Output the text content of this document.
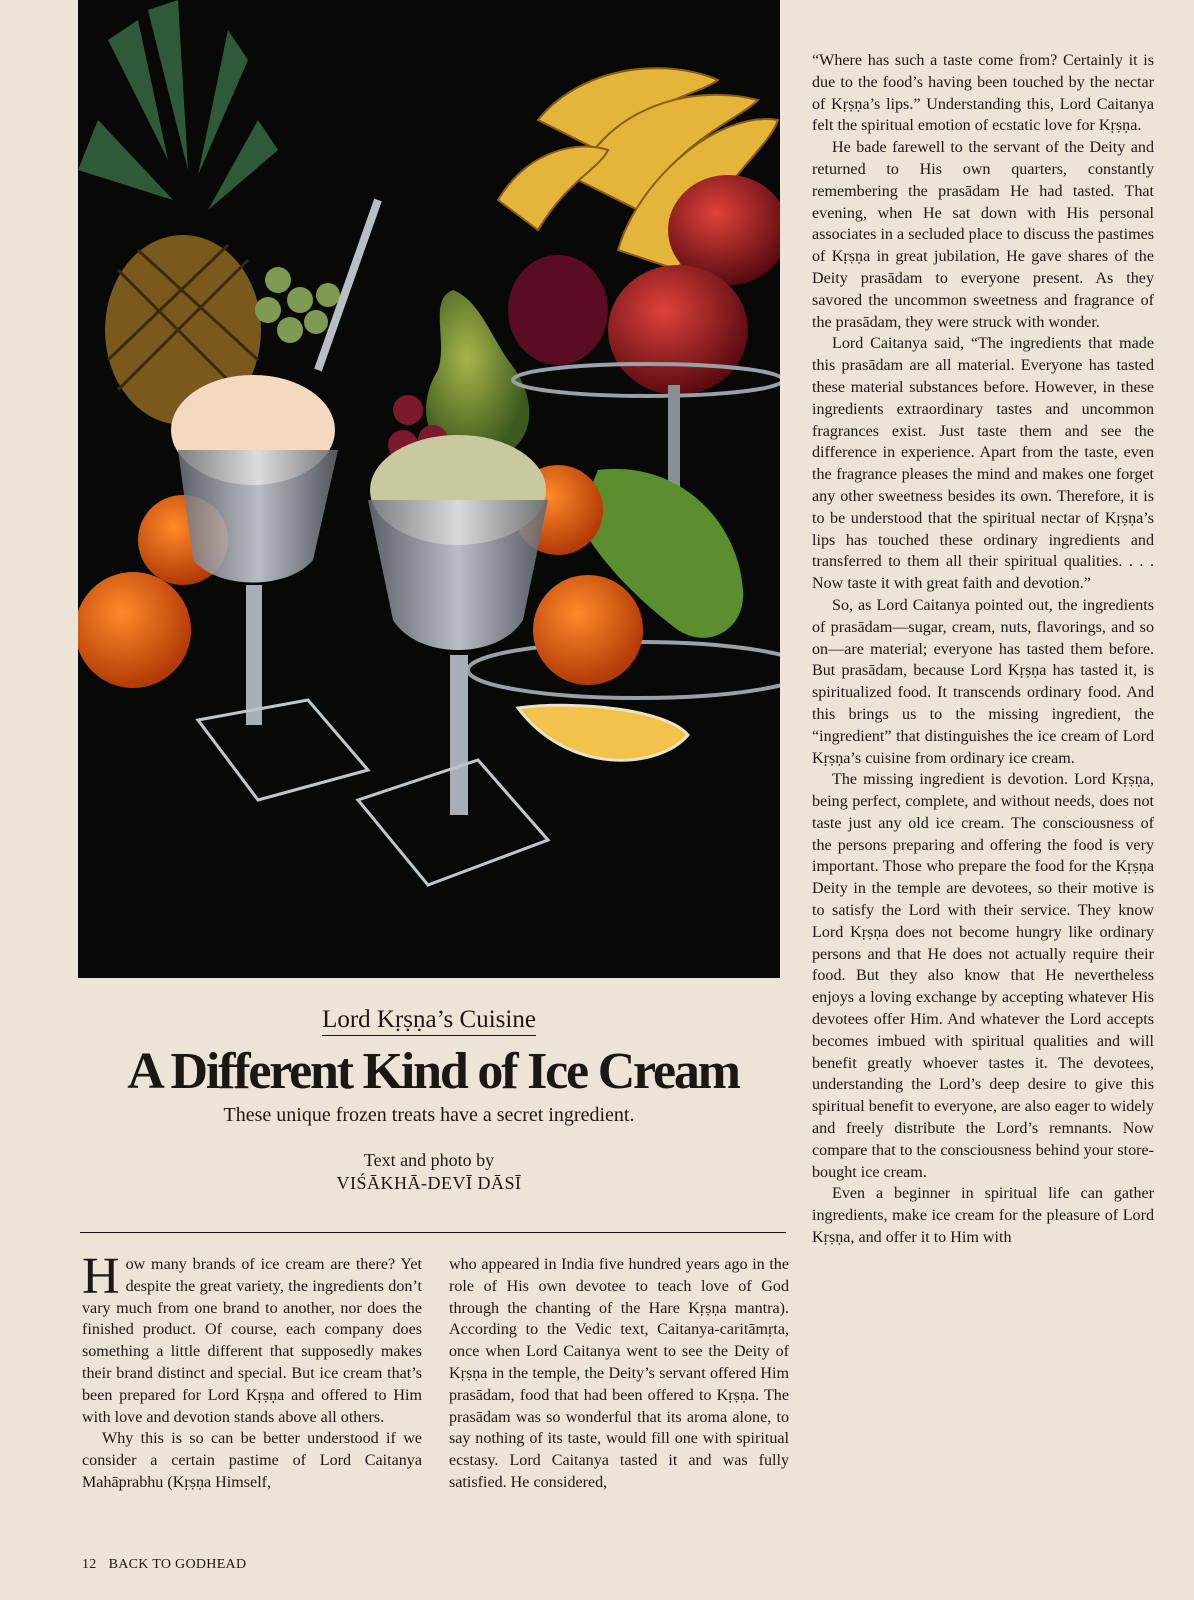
“Where has such a taste come from? Certainly it is due to the food’s having been touched by the nectar of Kṛṣṇa’s lips.” Understanding this, Lord Caitanya felt the spiritual emotion of ecstatic love for Kṛṣṇa.

He bade farewell to the servant of the Deity and returned to His own quarters, constantly remembering the prasādam He had tasted. That evening, when He sat down with His personal associates in a secluded place to discuss the pastimes of Kṛṣṇa in great jubilation, He gave shares of the Deity prasādam to everyone present. As they savored the uncommon sweetness and fragrance of the prasādam, they were struck with wonder.

Lord Caitanya said, “The ingredients that made this prasādam are all material. Everyone has tasted these material substances before. However, in these ingredients extraordinary tastes and uncommon fragrances exist. Just taste them and see the difference in experience. Apart from the taste, even the fragrance pleases the mind and makes one forget any other sweetness besides its own. Therefore, it is to be understood that the spiritual nectar of Kṛṣṇa’s lips has touched these ordinary ingredients and transferred to them all their spiritual qualities. . . . Now taste it with great faith and devotion.”

So, as Lord Caitanya pointed out, the ingredients of prasādam—sugar, cream, nuts, flavorings, and so on—are material; everyone has tasted them before. But prasādam, because Lord Kṛṣṇa has tasted it, is spiritualized food. It transcends ordinary food. And this brings us to the missing ingredient, the “ingredient” that distinguishes the ice cream of Lord Kṛṣṇa’s cuisine from ordinary ice cream.

The missing ingredient is devotion. Lord Kṛṣṇa, being perfect, complete, and without needs, does not taste just any old ice cream. The consciousness of the persons preparing and offering the food is very important. Those who prepare the food for the Kṛṣṇa Deity in the temple are devotees, so their motive is to satisfy the Lord with their service. They know Lord Kṛṣṇa does not become hungry like ordinary persons and that He does not actually require their food. But they also know that He nevertheless enjoys a loving exchange by accepting whatever His devotees offer Him. And whatever the Lord accepts becomes imbued with spiritual qualities and will benefit greatly whoever tastes it. The devotees, understanding the Lord’s deep desire to give this spiritual benefit to everyone, are also eager to widely and freely distribute the Lord’s remnants. Now compare that to the consciousness behind your store-bought ice cream.

Even a beginner in spiritual life can gather ingredients, make ice cream for the pleasure of Lord Kṛṣṇa, and offer it to Him with

Lord Kṛṣṇa’s Cuisine
A Different Kind of Ice Cream
These unique frozen treats have a secret ingredient.
Text and photo by
VIŚĀKHĀ-DEVĪ DĀSĪ

How many brands of ice cream are there? Yet despite the great variety, the ingredients don’t vary much from one brand to another, nor does the finished product. Of course, each company does something a little different that supposedly makes their brand distinct and special. But ice cream that’s been prepared for Lord Kṛṣṇa and offered to Him with love and devotion stands above all others.

Why this is so can be better understood if we consider a certain pastime of Lord Caitanya Mahāprabhu (Kṛṣṇa Himself,

who appeared in India five hundred years ago in the role of His own devotee to teach love of God through the chanting of the Hare Kṛṣṇa mantra). According to the Vedic text, Caitanya-caritāmṛta, once when Lord Caitanya went to see the Deity of Kṛṣṇa in the temple, the Deity’s servant offered Him prasādam, food that had been offered to Kṛṣṇa. The prasādam was so wonderful that its aroma alone, to say nothing of its taste, would fill one with spiritual ecstasy. Lord Caitanya tasted it and was fully satisfied. He considered,

12 BACK TO GODHEAD
